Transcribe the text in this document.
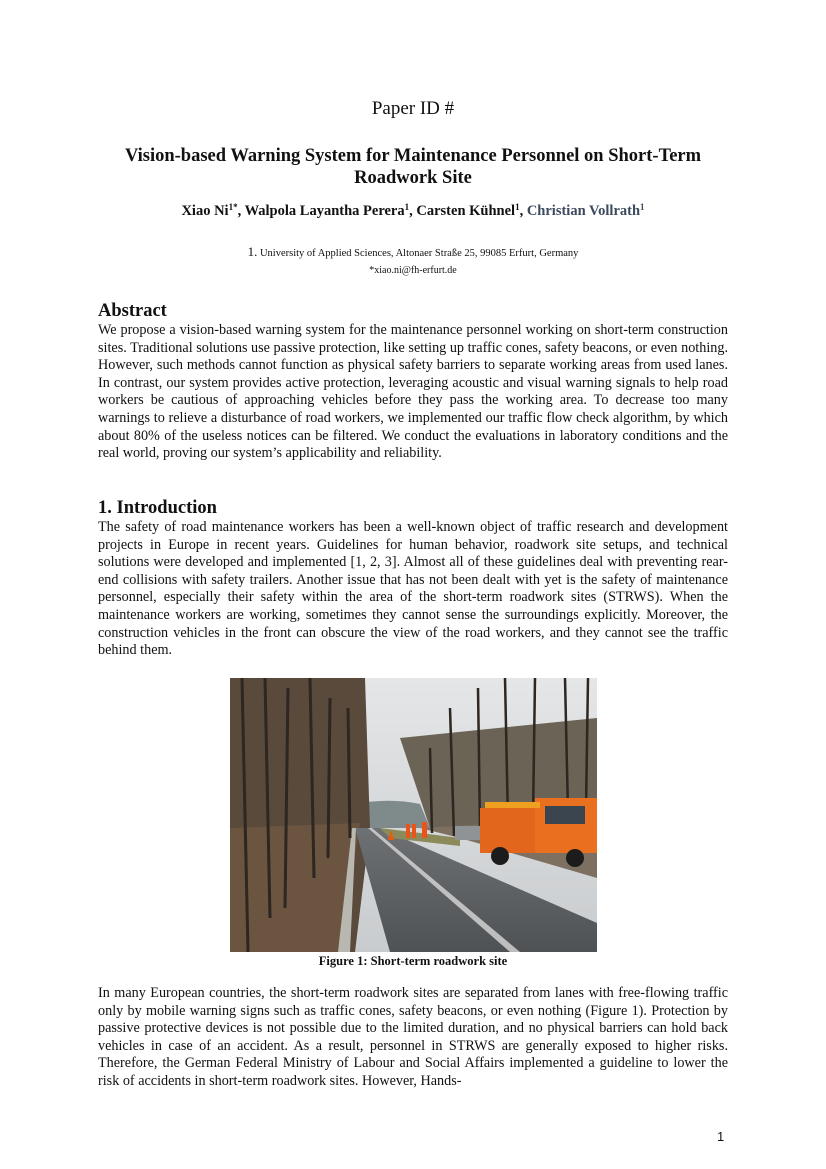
Paper ID #
Vision-based Warning System for Maintenance Personnel on Short-Term Roadwork Site
Xiao $Ni^{1*}$, Walpola Layantha Perera$^1$, Carsten Kühnel$^1$, Christian Vollrath$^1$
1. University of Applied Sciences, Altonaer Straße 25, 99085 Erfurt, Germany
*xiao.ni@fh-erfurt.de
Abstract

We propose a vision-based warning system for the maintenance personnel working on short-term construction sites. Traditional solutions use passive protection, like setting up traffic cones, safety beacons, or even nothing. However, such methods cannot function as physical safety barriers to separate working areas from used lanes. In contrast, our system provides active protection, leveraging acoustic and visual warning signals to help road workers be cautious of approaching vehicles before they pass the working area. To decrease too many warnings to relieve a disturbance of road workers, we implemented our traffic flow check algorithm, by which about 80% of the useless notices can be filtered. We conduct the evaluations in laboratory conditions and the real world, proving our system’s applicability and reliability.

1. Introduction

The safety of road maintenance workers has been a well-known object of traffic research and development projects in Europe in recent years. Guidelines for human behavior, roadwork site setups, and technical solutions were developed and implemented [1, 2, 3]. Almost all of these guidelines deal with preventing rear-end collisions with safety trailers. Another issue that has not been dealt with yet is the safety of maintenance personnel, especially their safety within the area of the short-term roadwork sites (STRWS). When the maintenance workers are working, sometimes they cannot sense the surroundings explicitly. Moreover, the construction vehicles in the front can obscure the view of the road workers, and they cannot see the traffic behind them.

Figure 1: Short-term roadwork site

In many European countries, the short-term roadwork sites are separated from lanes with free-flowing traffic only by mobile warning signs such as traffic cones, safety beacons, or even nothing (Figure 1). Protection by passive protective devices is not possible due to the limited duration, and no physical barriers can hold back vehicles in case of an accident. As a result, personnel in STRWS are generally exposed to higher risks. Therefore, the German Federal Ministry of Labour and Social Affairs implemented a guideline to lower the risk of accidents in short-term roadwork sites. However, Hands-

1
